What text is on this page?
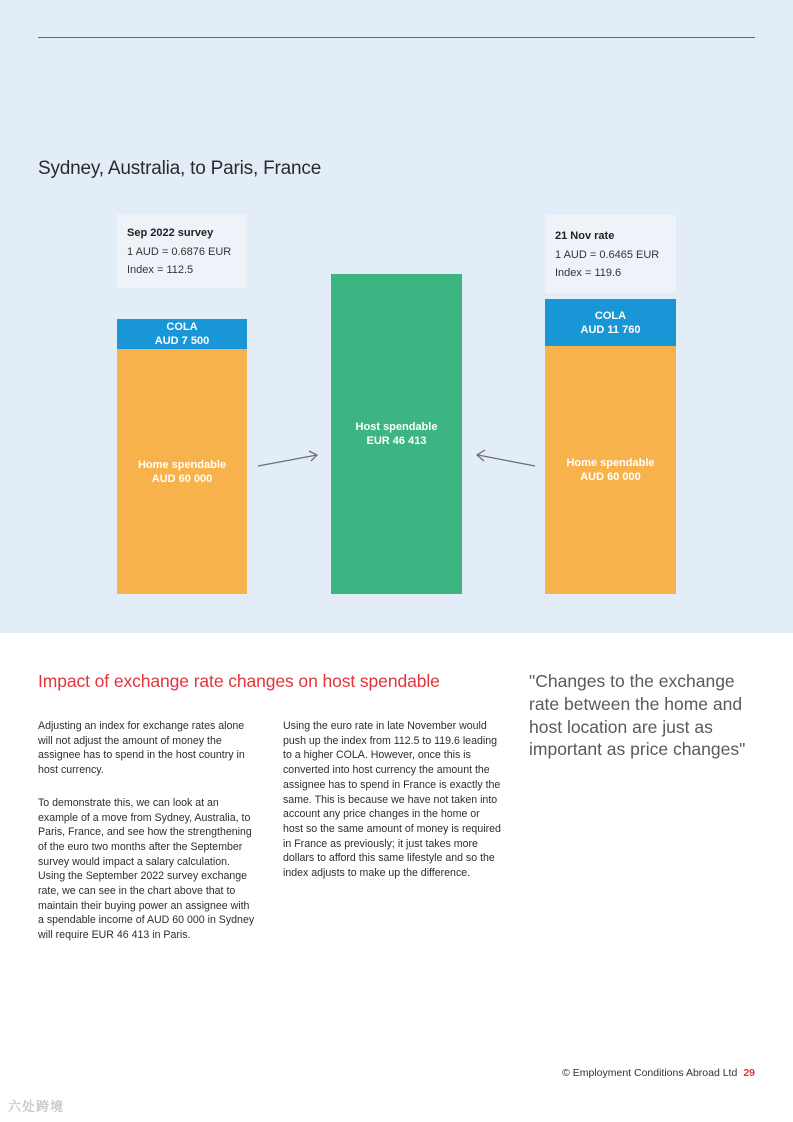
Sydney, Australia, to Paris, France
Sep 2022 survey
1 AUD = 0.6876 EUR
Index = 112.5
21 Nov rate
1 AUD = 0.6465 EUR
Index = 119.6
COLA
AUD 7 500
Home spendable
AUD 60 000
Host spendable
EUR 46 413
COLA
AUD 11 760
Home spendable
AUD 60 000
Impact of exchange rate changes on host spendable

Adjusting an index for exchange rates alone will not adjust the amount of money the assignee has to spend in the host country in host currency.

To demonstrate this, we can look at an example of a move from Sydney, Australia, to Paris, France, and see how the strengthening of the euro two months after the September survey would impact a salary calculation. Using the September 2022 survey exchange rate, we can see in the chart above that to maintain their buying power an assignee with a spendable income of AUD 60 000 in Sydney will require EUR 46 413 in Paris.

Using the euro rate in late November would push up the index from 112.5 to 119.6 leading to a higher COLA. However, once this is converted into host currency the amount the assignee has to spend in France is exactly the same. This is because we have not taken into account any price changes in the home or host so the same amount of money is required in France as previously; it just takes more dollars to afford this same lifestyle and so the index adjusts to make up the difference.

"Changes to the exchange rate between the home and host location are just as important as price changes"
© Employment Conditions Abroad Ltd 29
六处跨境
